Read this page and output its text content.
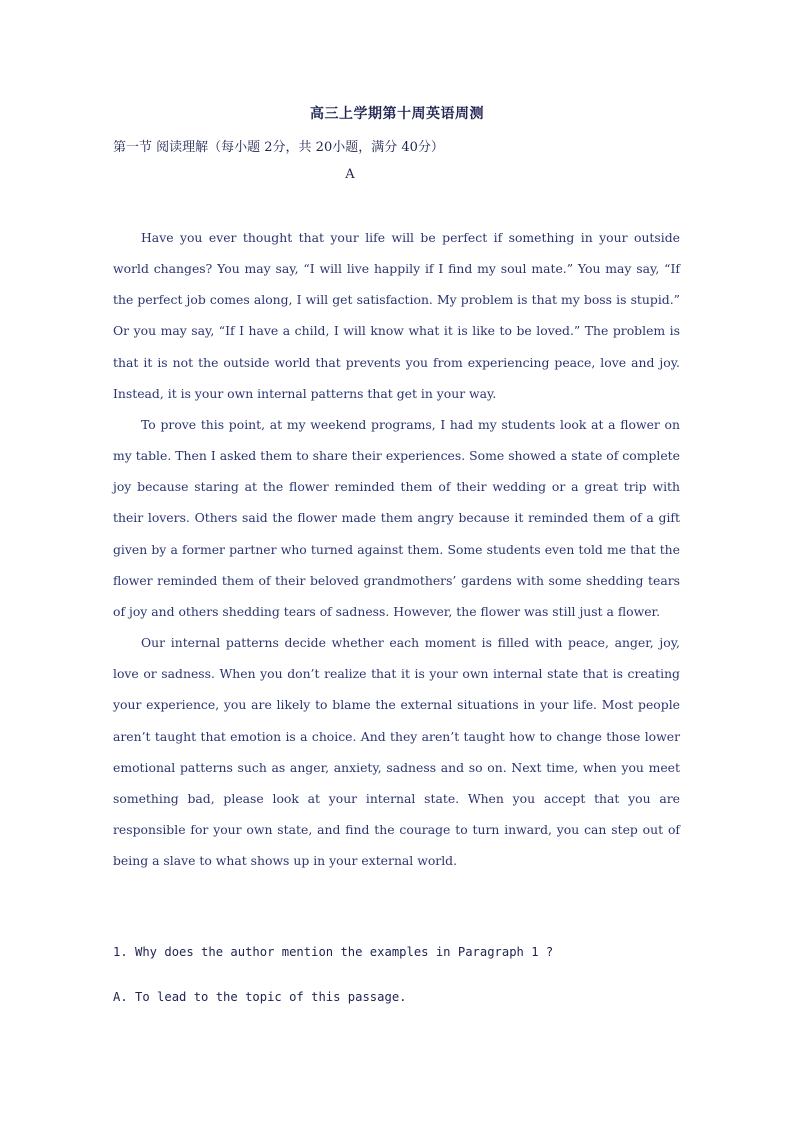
高三上学期第十周英语周测
第一节 阅读理解（每小题 2分，共 20小题，满分 40分）
A

Have you ever thought that your life will be perfect if something in your outside world changes? You may say, “I will live happily if I find my soul mate.” You may say, “If the perfect job comes along, I will get satisfaction. My problem is that my boss is stupid.” Or you may say, “If I have a child, I will know what it is like to be loved.” The problem is that it is not the outside world that prevents you from experiencing peace, love and joy. Instead, it is your own internal patterns that get in your way.

To prove this point, at my weekend programs, I had my students look at a flower on my table. Then I asked them to share their experiences. Some showed a state of complete joy because staring at the flower reminded them of their wedding or a great trip with their lovers. Others said the flower made them angry because it reminded them of a gift given by a former partner who turned against them. Some students even told me that the flower reminded them of their beloved grandmothers’ gardens with some shedding tears of joy and others shedding tears of sadness. However, the flower was still just a flower.

Our internal patterns decide whether each moment is filled with peace, anger, joy, love or sadness. When you don’t realize that it is your own internal state that is creating your experience, you are likely to blame the external situations in your life. Most people aren’t taught that emotion is a choice. And they aren’t taught how to change those lower emotional patterns such as anger, anxiety, sadness and so on. Next time, when you meet something bad, please look at your internal state. When you accept that you are responsible for your own state, and find the courage to turn inward, you can step out of being a slave to what shows up in your external world.

1. Why does the author mention the examples in Paragraph 1 ?
A. To lead to the topic of this passage.
